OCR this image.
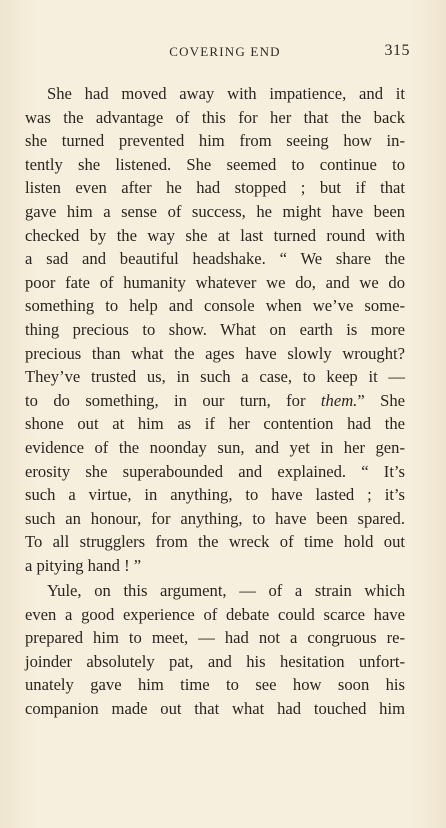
COVERING END	315
She had moved away with impatience, and it
was the advantage of this for her that the back
she turned prevented him from seeing how in-
tently she listened. She seemed to continue to
listen even after he had stopped ; but if that
gave him a sense of success, he might have been
checked by the way she at last turned round with
a sad and beautiful headshake. “ We share the
poor fate of humanity whatever we do, and we do
something to help and console when we’ve some-
thing precious to show. What on earth is more
precious than what the ages have slowly wrought?
They’ve trusted us, in such a case, to keep it —
to do something, in our turn, for them.” She
shone out at him as if her contention had the
evidence of the noonday sun, and yet in her gen-
erosity she superabounded and explained. “ It’s
such a virtue, in anything, to have lasted ; it’s
such an honour, for anything, to have been spared.
To all strugglers from the wreck of time hold out
a pitying hand ! ”
Yule, on this argument, — of a strain which
even a good experience of debate could scarce have
prepared him to meet, — had not a congruous re-
joinder absolutely pat, and his hesitation unfort-
unately gave him time to see how soon his
companion made out that what had touched him
